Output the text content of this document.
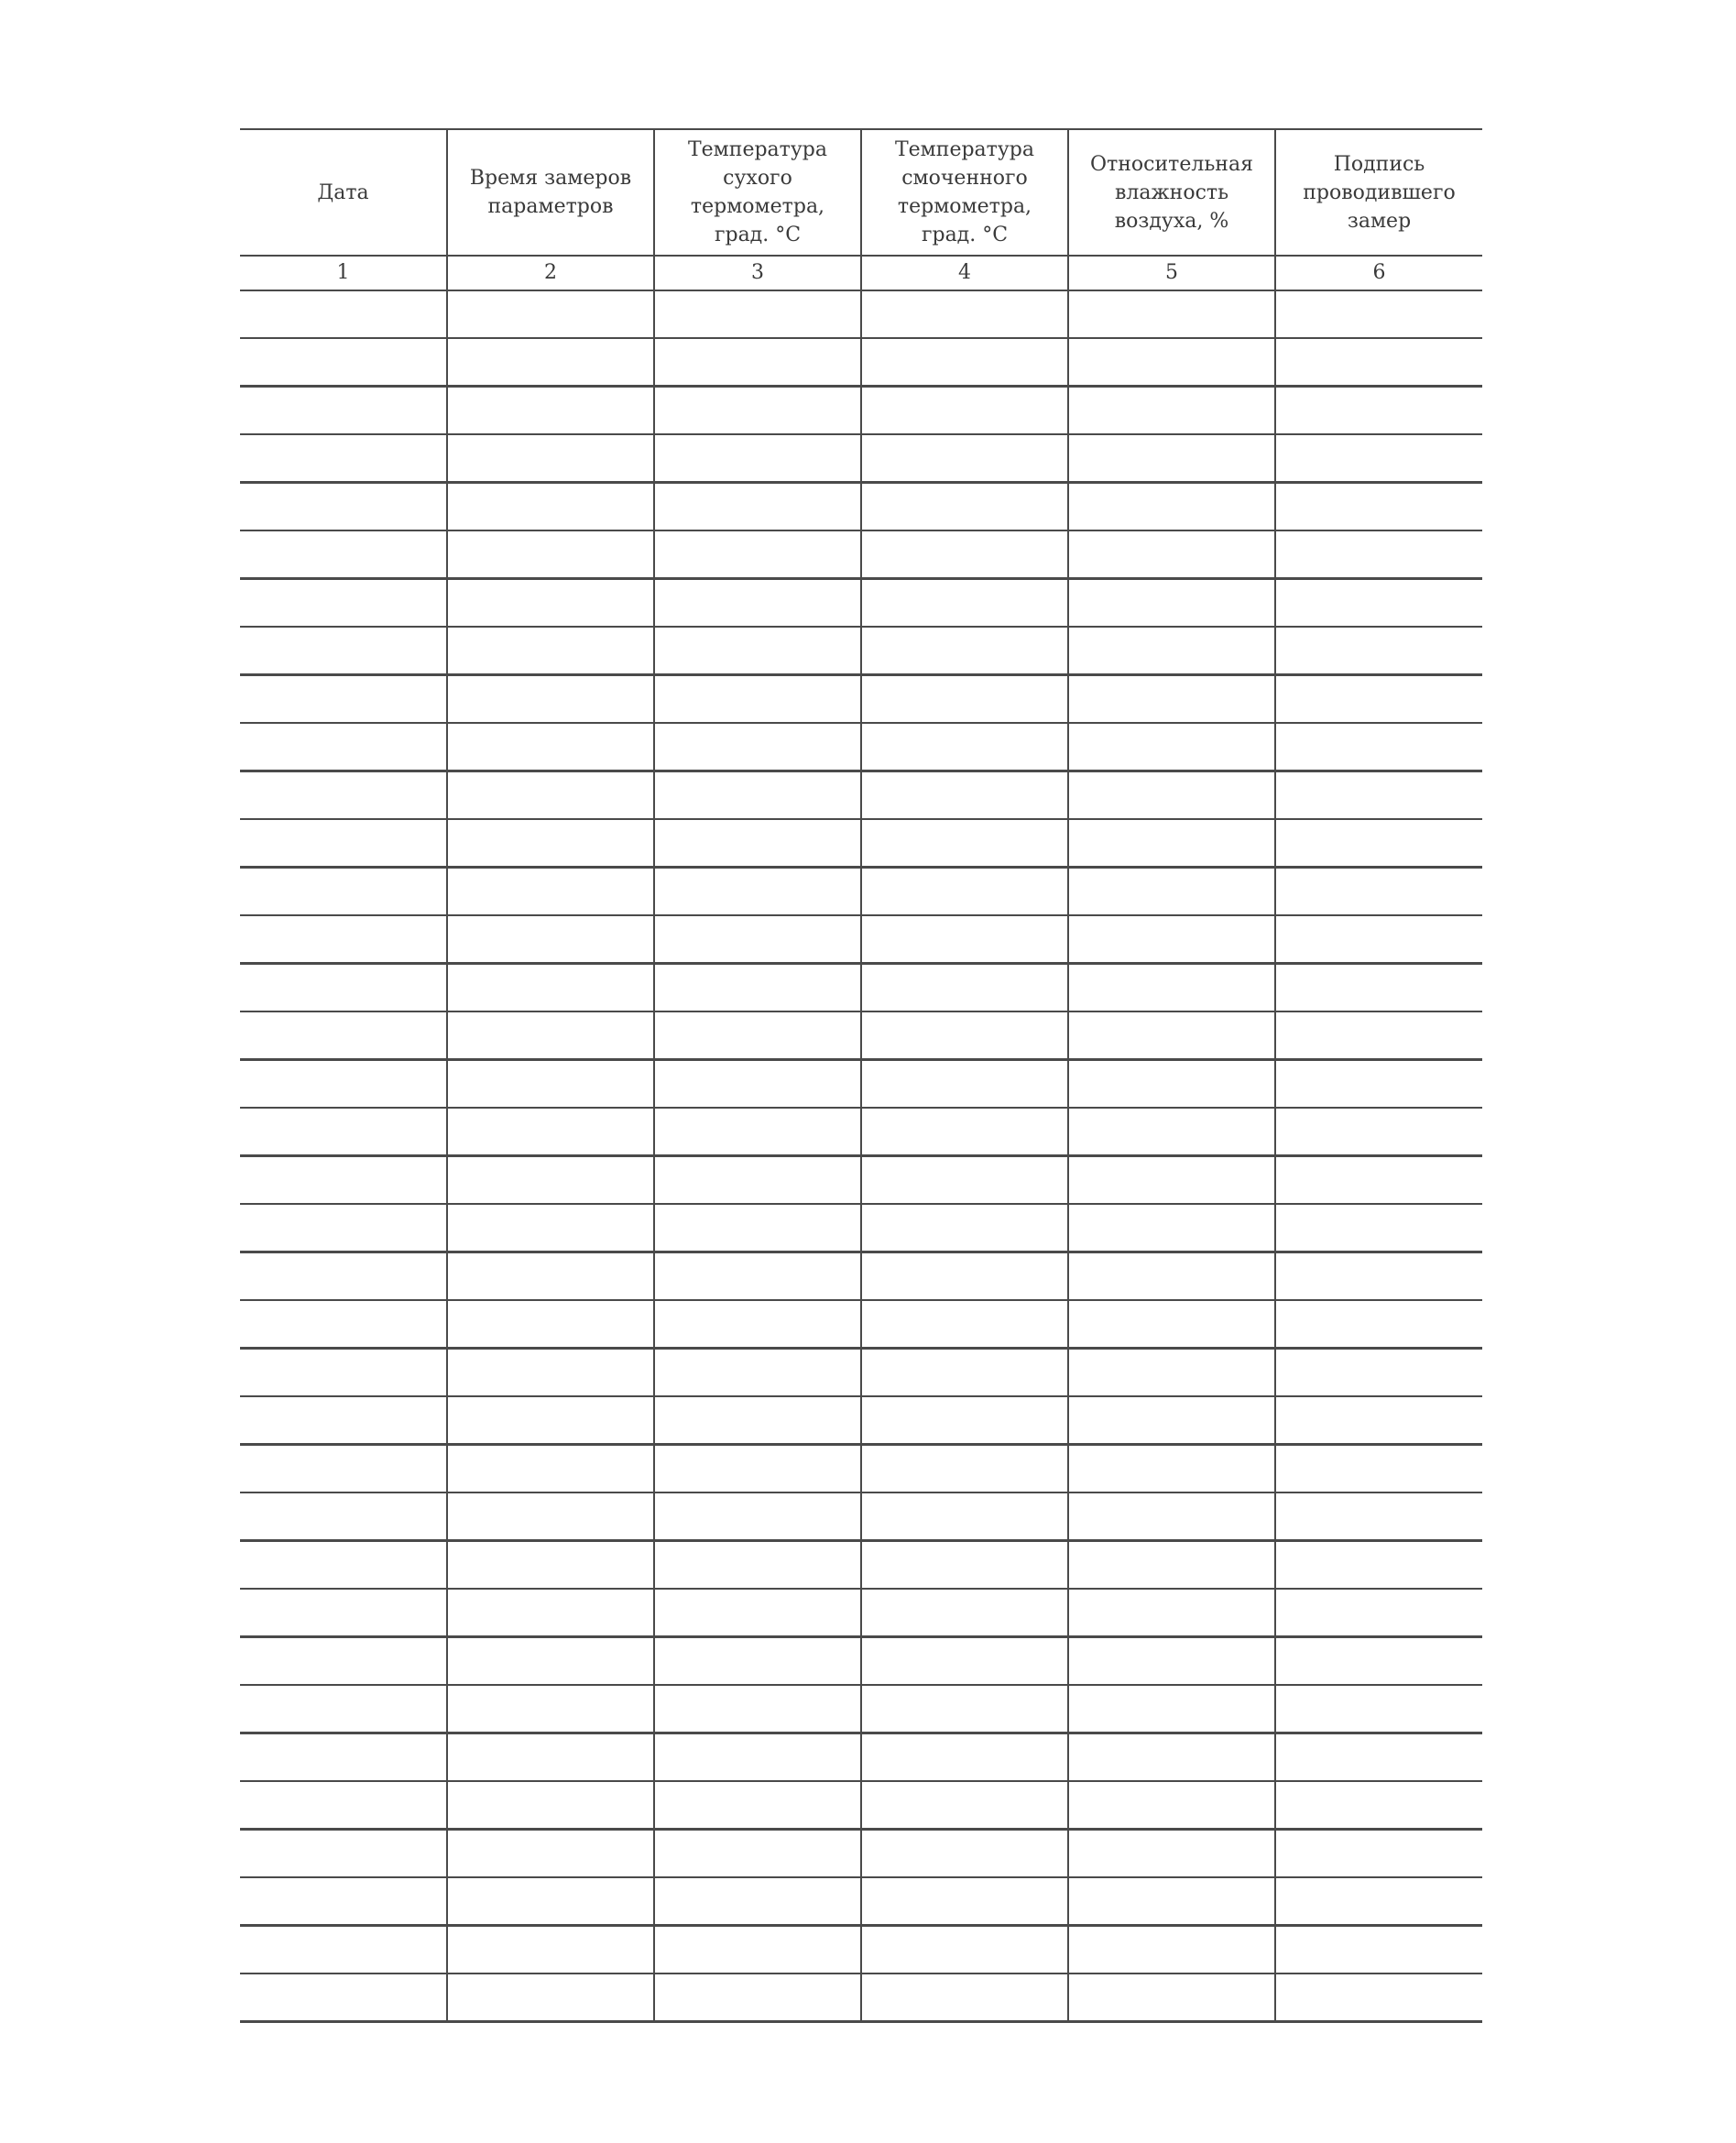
Дата	Время замеров параметров	Температура сухого термометра, град. °С	Температура смоченного термометра, град. °С	Относительная влажность воздуха, %	Подпись проводившего замер
1	2	3	4	5	6
